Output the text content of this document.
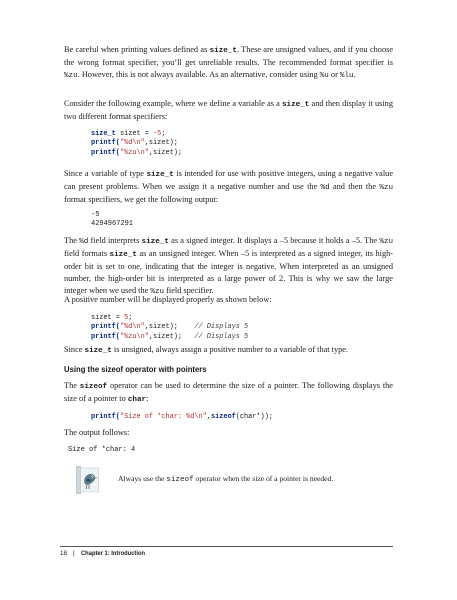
Be careful when printing values defined as size_t. These are unsigned values, and if you choose the wrong format specifier, you’ll get unreliable results. The recommended format specifier is %zu. However, this is not always available. As an alternative, consider using %u or %lu.

Consider the following example, where we define a variable as a size_t and then display it using two different format specifiers:

size_t sizet = -5;
printf("%d\n",sizet);
printf("%zu\n",sizet);

Since a variable of type size_t is intended for use with positive integers, using a negative value can present problems. When we assign it a negative number and use the %d and then the %zu format specifiers, we get the following output:

-5
4294967291

The %d field interprets size_t as a signed integer. It displays a –5 because it holds a –5. The %zu field formats size_t as an unsigned integer. When –5 is interpreted as a signed integer, its high-order bit is set to one, indicating that the integer is negative. When interpreted as an unsigned number, the high-order bit is interpreted as a large power of 2. This is why we saw the large integer when we used the %zu field specifier.

A positive number will be displayed properly as shown below:

sizet = 5;
printf("%d\n",sizet);    // Displays 5
printf("%zu\n",sizet);   // Displays 5

Since size_t is unsigned, always assign a positive number to a variable of that type.

Using the sizeof operator with pointers

The sizeof operator can be used to determine the size of a pointer. The following displays the size of a pointer to char:

printf("Size of *char: %d\n",sizeof(char*));

The output follows:

Size of *char: 4
Always use the sizeof operator when the size of a pointer is needed.
18 | Chapter 1: Introduction
